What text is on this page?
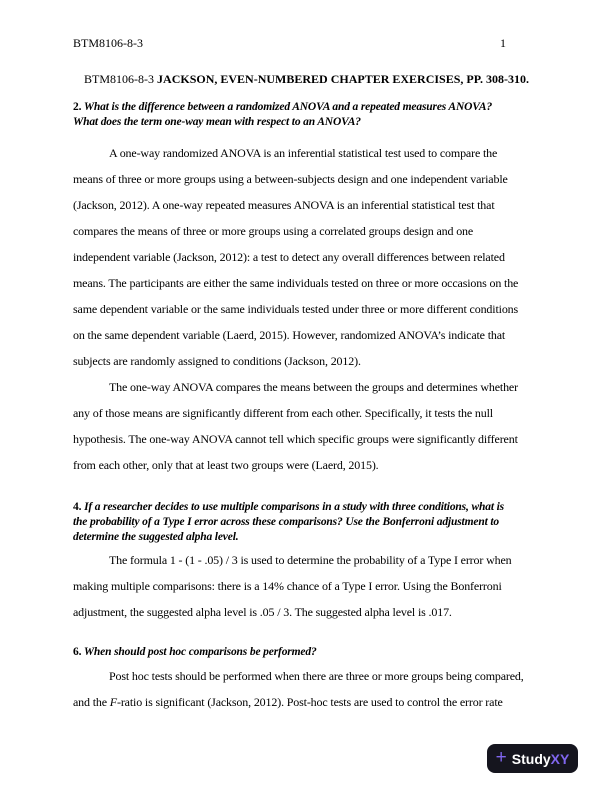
BTM8106-8-3	1
BTM8106-8-3 JACKSON, EVEN-NUMBERED CHAPTER EXERCISES, PP. 308-310.
2. What is the difference between a randomized ANOVA and a repeated measures ANOVA?
What does the term one-way mean with respect to an ANOVA?
A one-way randomized ANOVA is an inferential statistical test used to compare the
means of three or more groups using a between-subjects design and one independent variable
(Jackson, 2012). A one-way repeated measures ANOVA is an inferential statistical test that
compares the means of three or more groups using a correlated groups design and one
independent variable (Jackson, 2012): a test to detect any overall differences between related
means. The participants are either the same individuals tested on three or more occasions on the
same dependent variable or the same individuals tested under three or more different conditions
on the same dependent variable (Laerd, 2015). However, randomized ANOVA’s indicate that
subjects are randomly assigned to conditions (Jackson, 2012).
The one-way ANOVA compares the means between the groups and determines whether
any of those means are significantly different from each other. Specifically, it tests the null
hypothesis. The one-way ANOVA cannot tell which specific groups were significantly different
from each other, only that at least two groups were (Laerd, 2015).
4. If a researcher decides to use multiple comparisons in a study with three conditions, what is
the probability of a Type I error across these comparisons? Use the Bonferroni adjustment to
determine the suggested alpha level.
The formula 1 - (1 - .05) / 3 is used to determine the probability of a Type I error when
making multiple comparisons: there is a 14% chance of a Type I error. Using the Bonferroni
adjustment, the suggested alpha level is .05 / 3. The suggested alpha level is .017.
6. When should post hoc comparisons be performed?
Post hoc tests should be performed when there are three or more groups being compared,
and the F-ratio is significant (Jackson, 2012). Post-hoc tests are used to control the error rate
+ Study XY
